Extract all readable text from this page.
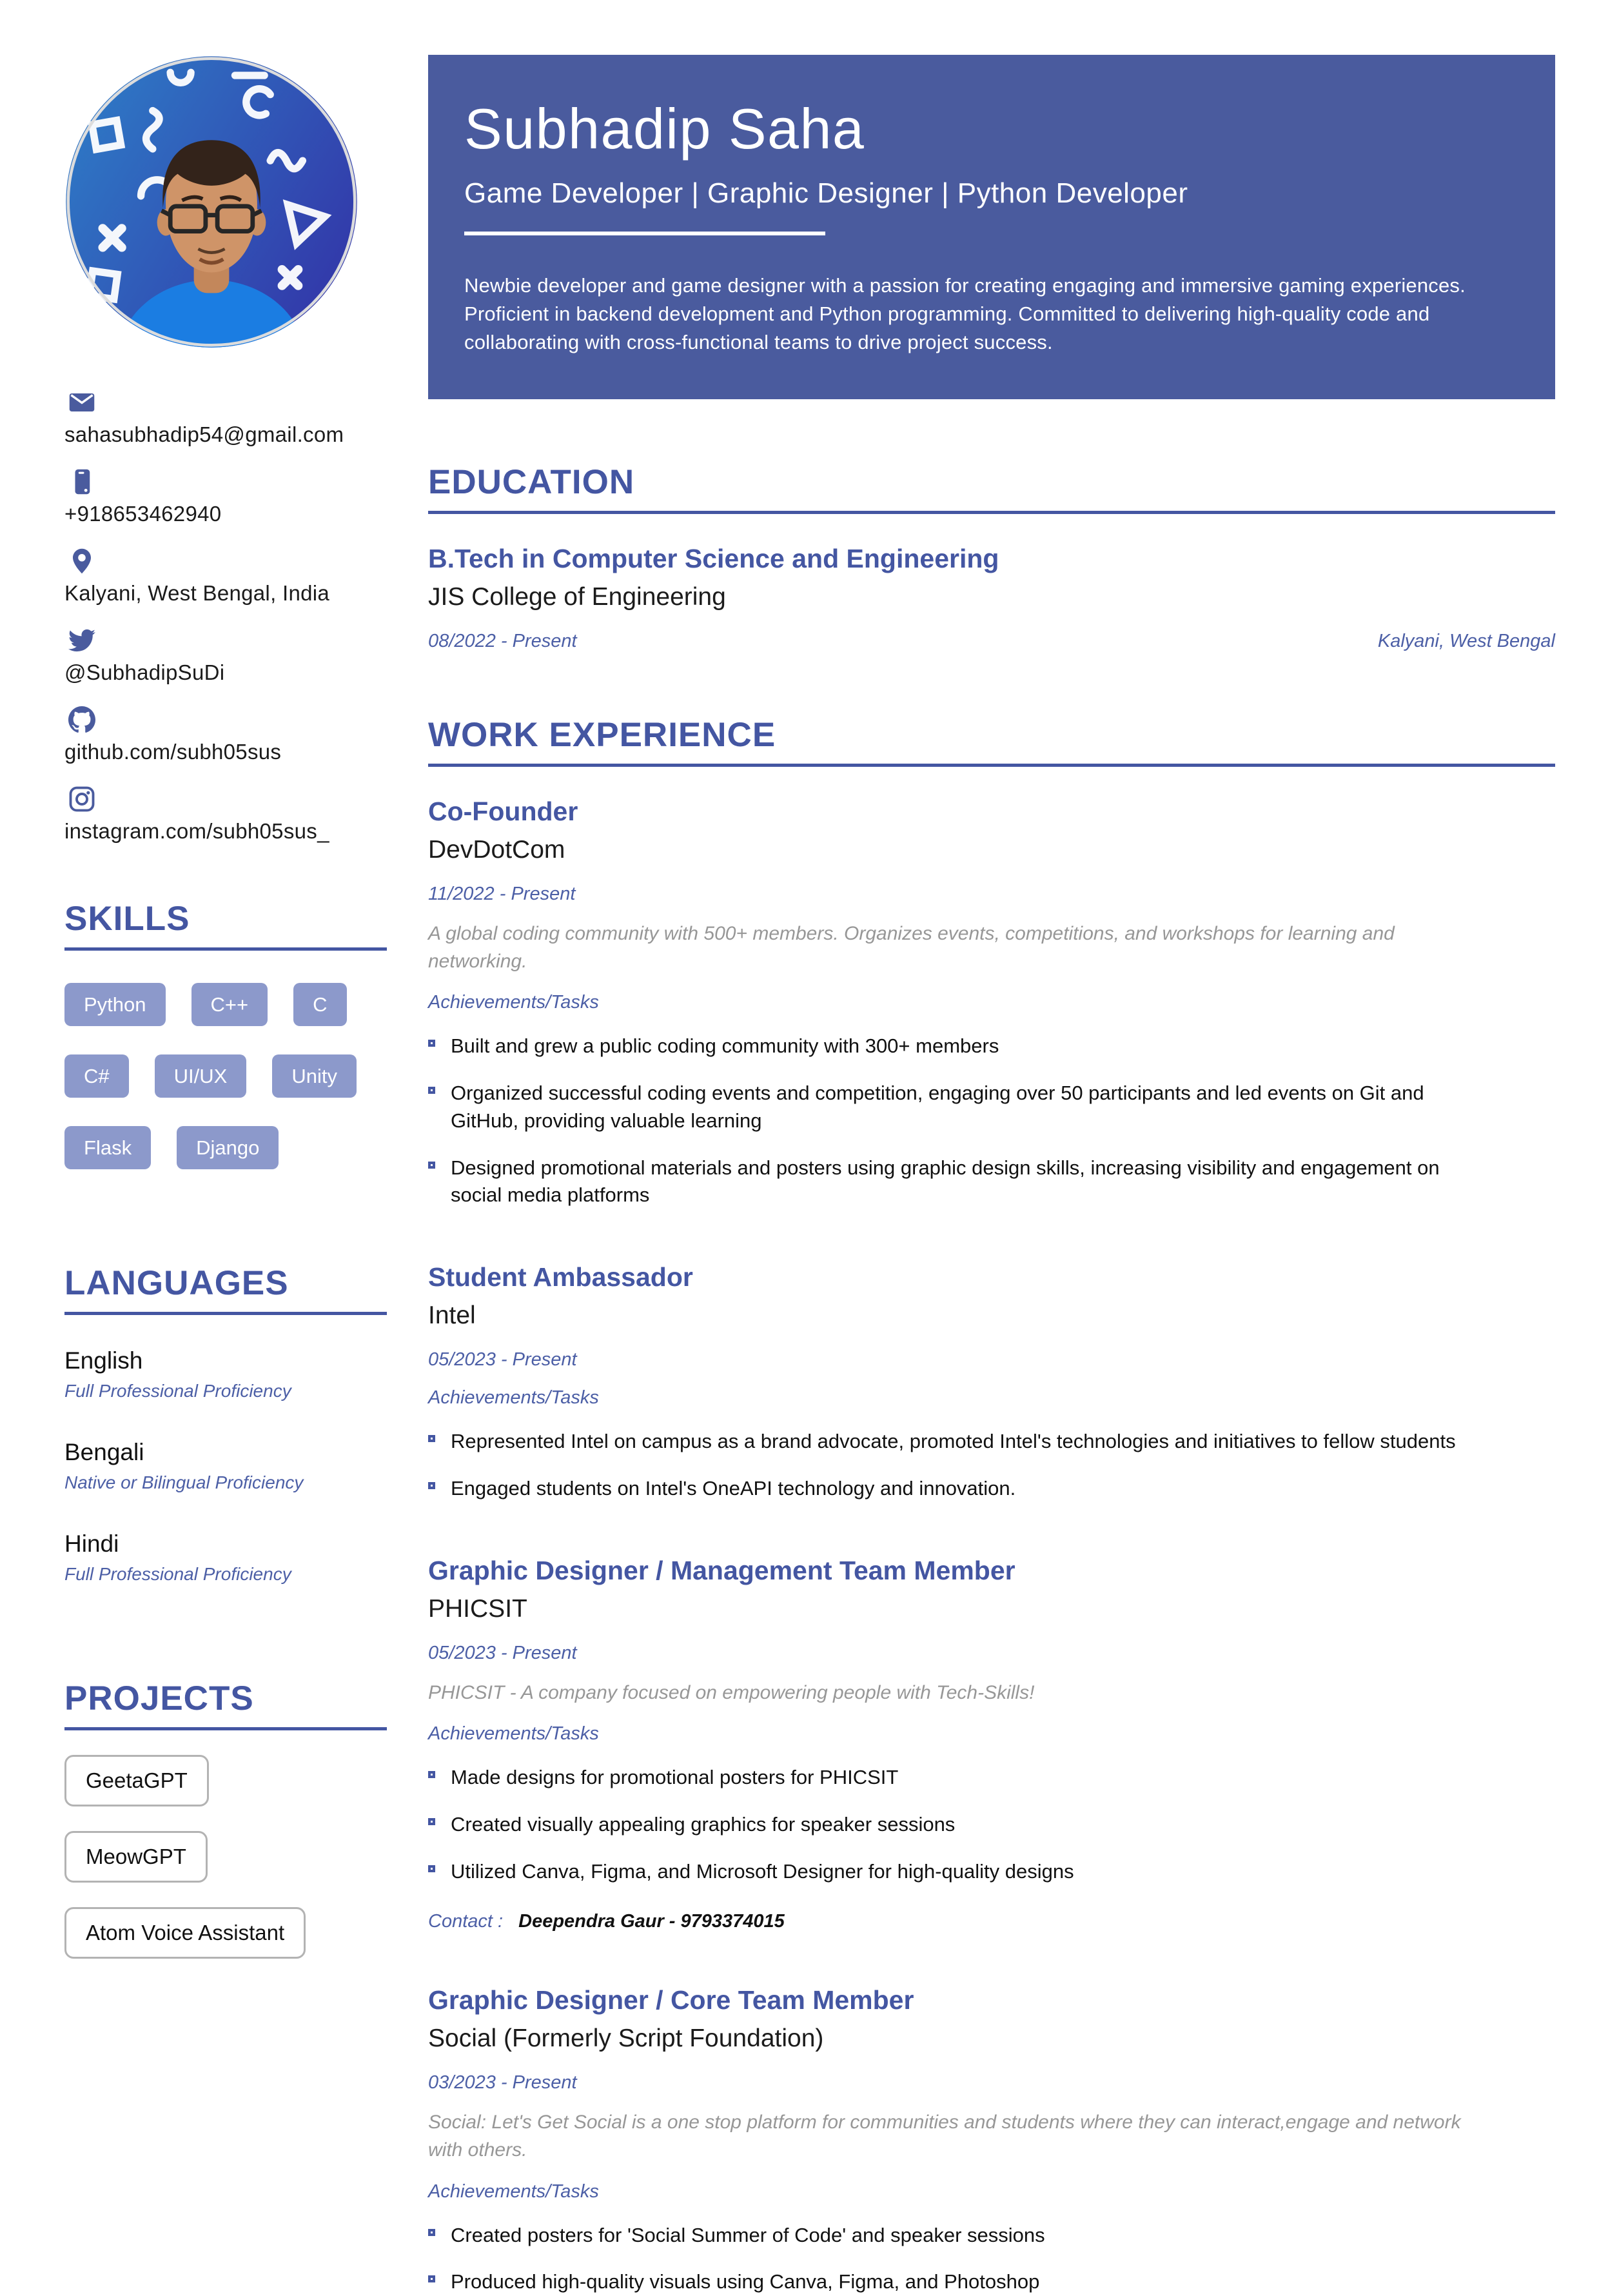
sahasubhadip54@gmail.com
+918653462940
Kalyani, West Bengal, India
@SubhadipSuDi
github.com/subh05sus
instagram.com/subh05sus_
SKILLS
Python	C++	C
C#	UI/UX	Unity
Flask	Django
LANGUAGES
English
Full Professional Proficiency
Bengali
Native or Bilingual Proficiency
Hindi
Full Professional Proficiency
PROJECTS
GeetaGPT
MeowGPT
Atom Voice Assistant
Subhadip Saha
Game Developer | Graphic Designer | Python Developer

Newbie developer and game designer with a passion for creating engaging and immersive gaming experiences. Proficient in backend development and Python programming. Committed to delivering high-quality code and collaborating with cross-functional teams to drive project success.

EDUCATION
B.Tech in Computer Science and Engineering
JIS College of Engineering
08/2022 - Present	Kalyani, West Bengal
WORK EXPERIENCE
Co-Founder
DevDotCom
11/2022 - Present

A global coding community with 500+ members. Organizes events, competitions, and workshops for learning and networking.

Achievements/Tasks
Built and grew a public coding community with 300+ members
Organized successful coding events and competition, engaging over 50 participants and led events on Git and GitHub, providing valuable learning
Designed promotional materials and posters using graphic design skills, increasing visibility and engagement on social media platforms
Student Ambassador
Intel
05/2023 - Present
Achievements/Tasks
Represented Intel on campus as a brand advocate, promoted Intel's technologies and initiatives to fellow students
Engaged students on Intel's OneAPI technology and innovation.
Graphic Designer / Management Team Member
PHICSIT
05/2023 - Present

PHICSIT - A company focused on empowering people with Tech-Skills!

Achievements/Tasks
Made designs for promotional posters for PHICSIT
Created visually appealing graphics for speaker sessions
Utilized Canva, Figma, and Microsoft Designer for high-quality designs
Contact : Deependra Gaur - 9793374015
Graphic Designer / Core Team Member
Social (Formerly Script Foundation)
03/2023 - Present

Social: Let's Get Social is a one stop platform for communities and students where they can interact,engage and network with others.

Achievements/Tasks
Created posters for 'Social Summer of Code' and speaker sessions
Produced high-quality visuals using Canva, Figma, and Photoshop
